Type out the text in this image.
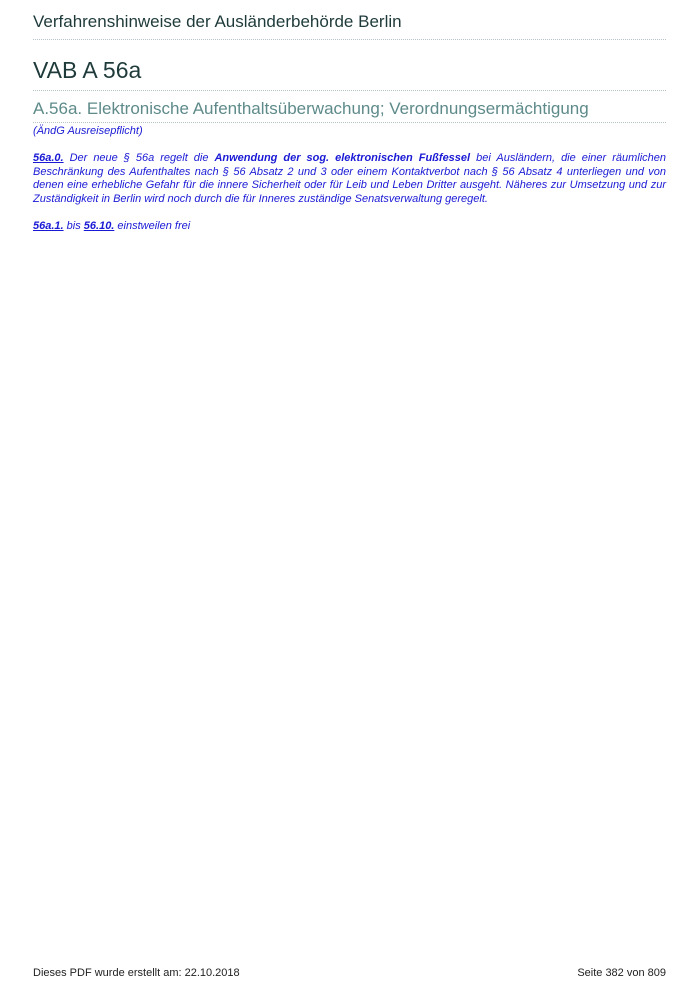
Verfahrenshinweise der Ausländerbehörde Berlin
VAB A 56a
A.56a. Elektronische Aufenthaltsüberwachung; Verordnungsermächtigung
(ÄndG Ausreisepflicht)
56a.0. Der neue § 56a regelt die Anwendung der sog. elektronischen Fußfessel bei Ausländern, die einer räumlichen Beschränkung des Aufenthaltes nach § 56 Absatz 2 und 3 oder einem Kontaktverbot nach § 56 Absatz 4 unterliegen und von denen eine erhebliche Gefahr für die innere Sicherheit oder für Leib und Leben Dritter ausgeht. Näheres zur Umsetzung und zur Zuständigkeit in Berlin wird noch durch die für Inneres zuständige Senatsverwaltung geregelt.
56a.1. bis 56.10. einstweilen frei
Dieses PDF wurde erstellt am: 22.10.2018	Seite 382 von 809
